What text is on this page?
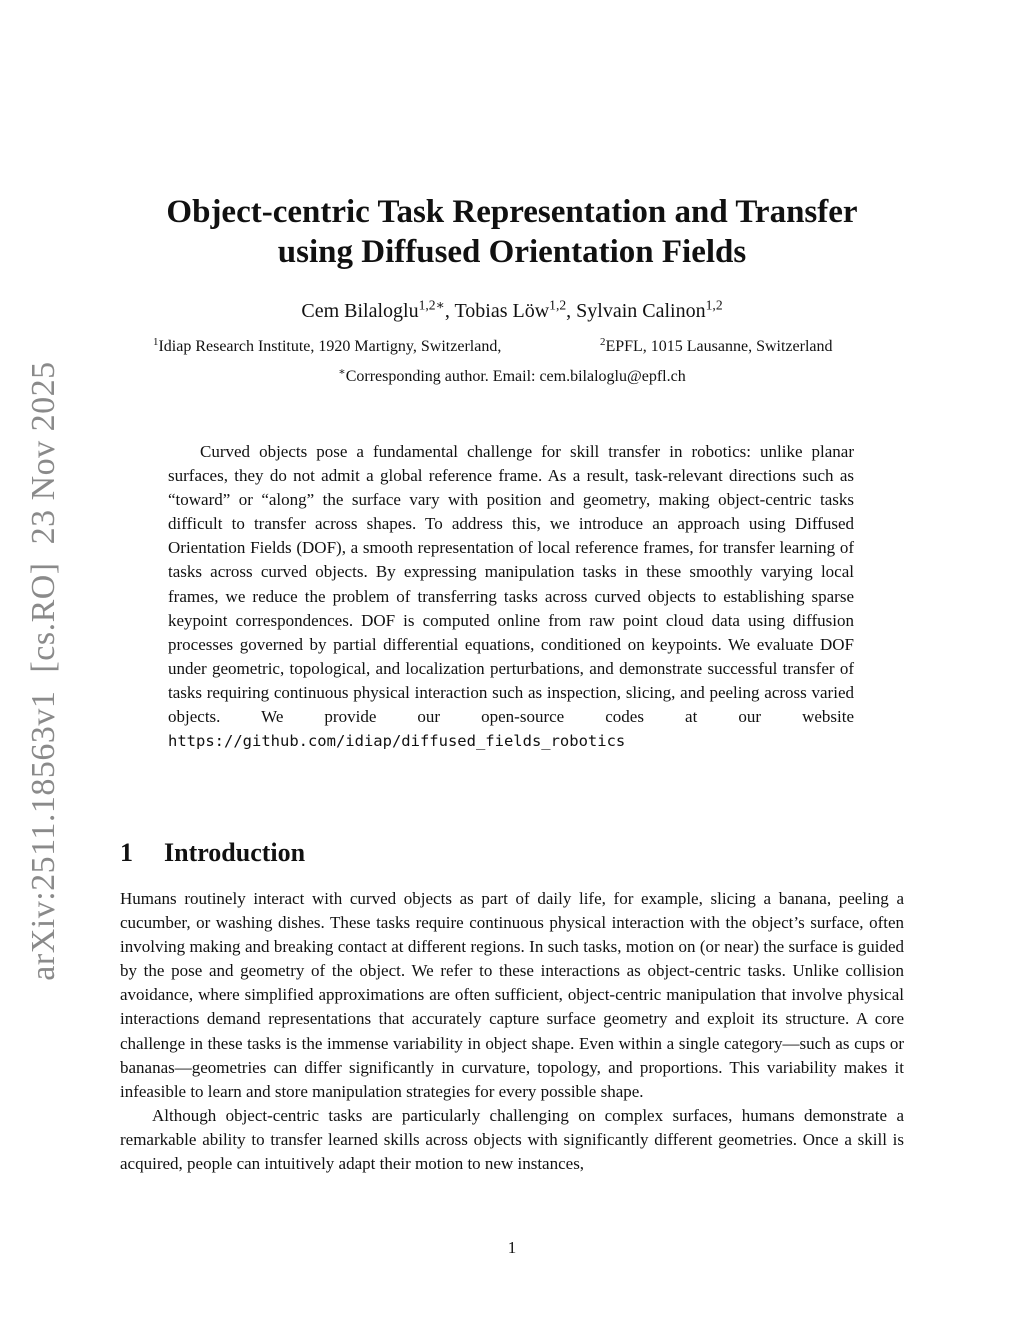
arXiv:2511.18563v1[cs.RO]23 Nov 2025
Object-centric Task Representation and Transfer
using Diffused Orientation Fields
Cem Bilaloglu$^{1,2∗}$, Tobias Löw$^{1,2}$, Sylvain Calinon$^{1,2}$
$^1$Idiap Research Institute, 1920 Martigny, Switzerland,	$^2$EPFL, 1015 Lausanne, Switzerland
∗Corresponding author. Email: cem.bilaloglu@epfl.ch
Curved objects pose a fundamental challenge for skill transfer in robotics: unlike planar surfaces, they do not admit a global reference frame. As a result, task-relevant directions such as “toward” or “along” the surface vary with position and geometry, making object-centric tasks difficult to transfer across shapes. To address this, we introduce an approach using Diffused Orientation Fields (DOF), a smooth representation of local reference frames, for transfer learning of tasks across curved objects. By expressing manipulation tasks in these smoothly varying local frames, we reduce the problem of transferring tasks across curved objects to establishing sparse keypoint correspondences. DOF is computed online from raw point cloud data using diffusion processes governed by partial differential equations, conditioned on keypoints. We evaluate DOF under geometric, topological, and localization perturbations, and demonstrate successful transfer of tasks requiring continuous physical interaction such as inspection, slicing, and peeling across varied objects. We provide our open-source codes at our website https://github.com/idiap/diffused_fields_robotics
1 Introduction

Humans routinely interact with curved objects as part of daily life, for example, slicing a banana, peeling a cucumber, or washing dishes. These tasks require continuous physical interaction with the object’s surface, often involving making and breaking contact at different regions. In such tasks, motion on (or near) the surface is guided by the pose and geometry of the object. We refer to these interactions as object-centric tasks. Unlike collision avoidance, where simplified approximations are often sufficient, object-centric manipulation that involve physical interactions demand representations that accurately capture surface geometry and exploit its structure. A core challenge in these tasks is the immense variability in object shape. Even within a single category—such as cups or bananas—geometries can differ significantly in curvature, topology, and proportions. This variability makes it infeasible to learn and store manipulation strategies for every possible shape.

Although object-centric tasks are particularly challenging on complex surfaces, humans demonstrate a remarkable ability to transfer learned skills across objects with significantly different geometries. Once a skill is acquired, people can intuitively adapt their motion to new instances,

1
